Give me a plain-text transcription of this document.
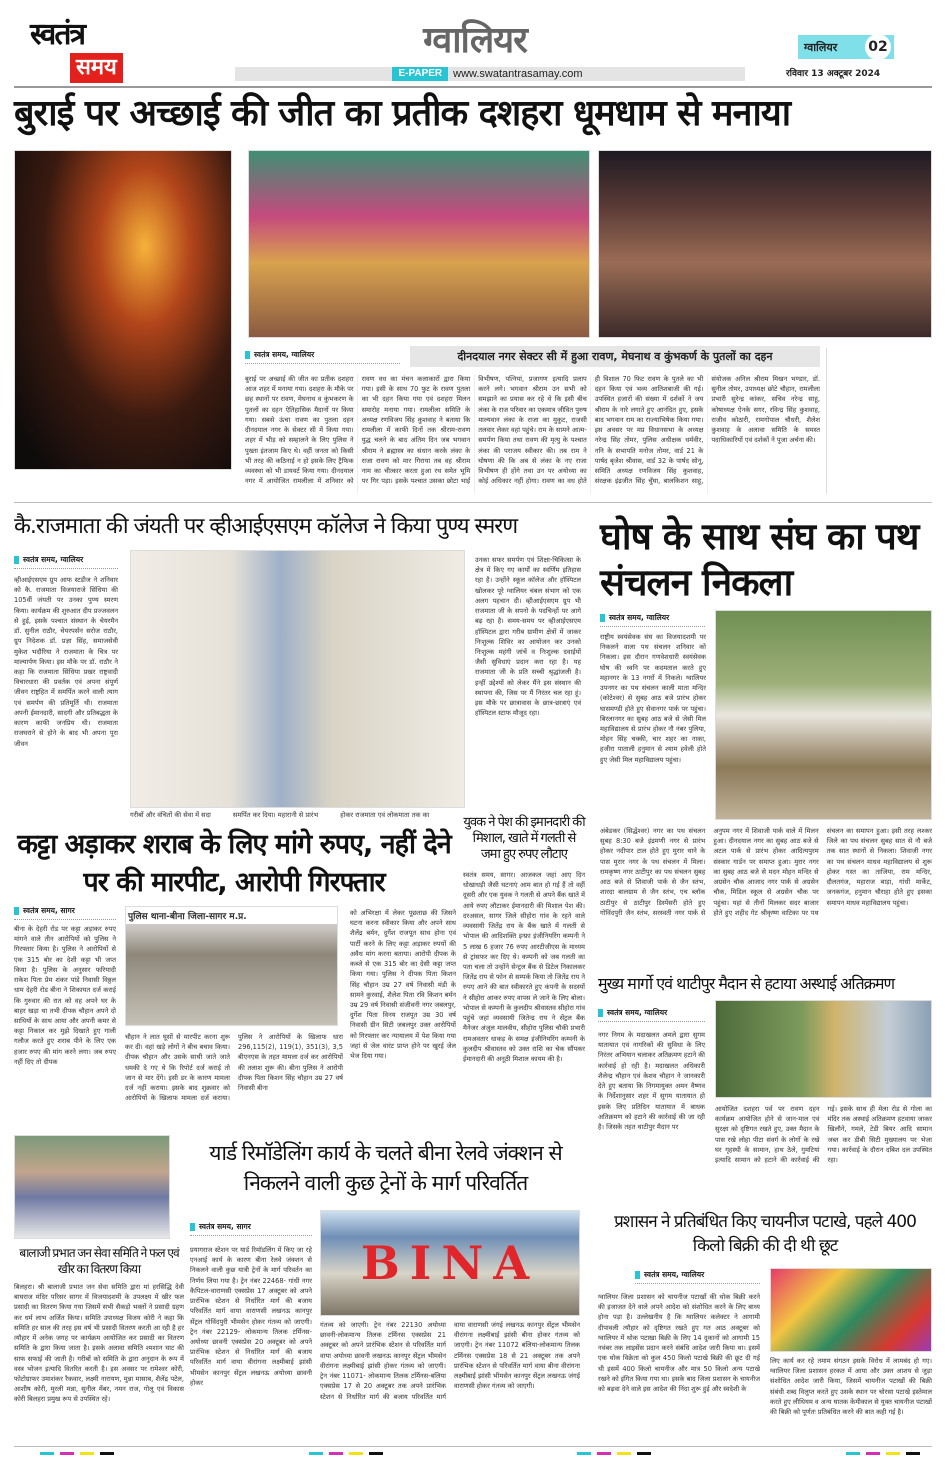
स्वतंत्र
समय
ग्वालियर
E-PAPER	www.swatantrasamay.com
ग्वालियर 02
रविवार 13 अक्टूबर 2024
बुराई पर अच्छाई की जीत का प्रतीक दशहरा धूमधाम से मनाया
स्वतंत्र समय, ग्वालियर	दीनदयाल नगर सेक्टर सी में हुआ रावण, मेघनाथ व कुंभकर्ण के पुतलों का दहन

बुराई पर अच्छाई की जीत का प्रतीक दशहरा आज शहर में मनाया गया। दशहरा के मौके पर छह स्थानों पर रावण, मेघनाथ व कुंभकरण के पुतलों का दहन ऐतिहासिक मैदानों पर किया गया। सबसे ऊंचा रावण का पुतला दहन दीनदयाल नगर के सेक्टर सी में किया गया। शहर में भीड़ को सम्हालने के लिए पुलिस ने पुख्ता इंतजाम किए थे। वहीं जनता को किसी भी तरह की कठिनाई न हो इसके लिए ट्रैफिक व्यवस्था को भी डायवर्ट किया गया। दीनदयाल नगर में आयोजित रामलीला में शनिवार को रावण वध का मंचन कलाकारों द्वारा किया गया। इसी के साथ 70 फुट के रावण पुतला का भी दहन किया गया एवं दशहरा मिलन समारोह मनाया गया। रामलीला समिति के अध्यक्ष रणविजय सिंह कुशवाह ने बताया कि रामलीला में काफी दिनों तक श्रीराम-रावण युद्ध चलने के बाद अंतिम दिन जब भगवान श्रीराम ने ब्रह्मास्त्र का संधान करके लंका के राजा रावण को मार गिराया तब वह श्रीराम नाम का चीत्कार करता हुआ रथ समेत भूमि पर गिर पड़ा। इसके पश्चात उसका छोटा भाई विभीषण, पत्नियां, प्रजागण इत्यादि प्रलाप करने लगे। भगवान श्रीराम उन सभी को समझाने का प्रयास कर रहे थे कि इसी बीच लंका के राज परिवार का एकमात्र जीवित पुरुष माल्यवान लंका के राजा का मुकुट, राजसी तलवार लेकर वहां पहुंचे। राम के सामने आत्म-समर्पण किया तथा रावण की मृत्यु के पश्चात लंका की पराजय स्वीकार की। तब राम ने घोषणा की कि अब से लंका के नए राजा विभीषण ही होंगे तथा उन पर अयोध्या का कोई अधिकार नहीं होगा। रावण का वध होते ही विशाल 70 फिट रावण के पुतले का भी दहन किया एवं भव्य आतिशबाजी की गई। उपस्थित हजारों की संख्या में दर्शकों ने जय श्रीराम के नारे लगाते हुए आनंदित हुए, इसके बाद भगवान राम का राज्याभिषेक किया गया। इस अवसर पर मप्र विधानसभा के अध्यक्ष नरेन्द्र सिंह तोमर, पुलिस अधीक्षक धर्मवीर, ननि के सभापति मनोज तोमर, वार्ड 21 के पार्षद बृजेश श्रीवास, वार्ड 32 के पार्षद सोनू, समिति अध्यक्ष रणविजय सिंह कुशवाह, संरक्षक इंद्रजीत सिंह चुँघा, बालकिशन साहू, संयोजक अनिल श्रीराम मिखन भण्डार, डॉ. सुनील तोमर, उपाध्यक्ष छोटे चौहान, रामलीला प्रभारी सुरेन्द्र कांकर, सचिव नरेन्द्र साहू, कोषाध्यक्ष ऐनके सगर, रविन्द्र सिंह कुशवाह, राजीव कोठारी, रामगोपाल चौधरी, शैलेश कुशवाह के अलावा समिति के समस्त पदाधिकारियों एवं दर्शकों ने पूजा अर्चना की।

कै.राजमाता की जंयती पर व्हीआईएसएम कॉलेज ने किया पुण्य स्मरण
स्वतंत्र समय, ग्वालियर

व्हीआईएसएम ग्रुप आफ स्टडीज ने शनिवार को कै. राजमाता विजयाराजे सिंधिया की 105वीं जंयती पर उनका पुण्य स्मरण किया। कार्यक्रम की शुरुआत दीप प्रज्जवलन से हुई, इसके पश्चात संस्थान के चेयरमैन डॉ. सुनील राठौर, चेयरपर्सन सरोज राठौर, ग्रुप निदेशक डॉ. प्रज्ञा सिंह, समाजसेवी मुकेश भदौरिया ने राजमाता के चित्र पर माल्यार्पण किया। इस मौके पर डॉ. राठौर ने कहा कि राजमाता सिंधिया प्रखर राष्ट्रवादी विचारधारा की प्रवर्तक एवं अपना संपूर्ण जीवन राष्ट्रहित में समर्पित करने वाली त्याग एवं समर्पण की प्रतिमूर्ति थी। राजमाता अपनी ईमानदारी, सादगी और प्रतिबद्धता के कारण काफी जनप्रिय थी। राजमाता राजघराने से होने के बाद भी अपना पूरा जीवन

गरीबों और वंचितों की सेवा में सदा	समर्पित कर दिया। महारानी से प्रारंभ	होकर राजमाता एवं लोकमाता तक का

उनका सफर समर्पण एवं शिक्षा-चिकित्सा के क्षेत्र में किए गए कार्यों का स्वर्णिम इतिहास रहा है। उन्होंने स्कूल कॉलेज और हॉस्पिटल खोलकर पूरे ग्वालियर चंबल संभाग को एक अलग पहचान दी। व्हीआईएसएम ग्रुप भी राजमाता जी के सपनो के पदचिन्हों पर आगे बढ़ रहा है। समय-समय पर व्हीआईएसएम हॉस्पिटल द्वारा गरीब ग्रामीण क्षेत्रों में जाकर निःशुल्क शिविर का आयोजन कर उनको निःशुल्क महंगी जांचें व निःशुल्क दवाईयों जैसी सुविधाएं प्रदान करा रहा है। यह राजमाता जी के प्रति सच्ची श्रृद्धांजली है। इन्हीं उद्देश्यों को लेकर मैंने इस संस्थान की स्थापना की, जिस पर मैं निरंतर चल रहा हूं। इस मौके पर छात्रावास के छात्र-छात्राएं एवं हॉस्पिटल स्टाफ मौजूद रहा।

घोष के साथ संघ का पथ संचलन निकला
स्वतंत्र समय, ग्वालियर

राष्ट्रीय स्वयंसेवक संघ का विजयादशमी पर निकलने वाला पथ संचलन शनिवार को निकला। इस दौरान गणवेशधारी स्वयंसेवक घोष की ध्वनि पर कदमताल करते हुए महानगर के 13 नगरों में निकले। ग्वालियर उपनगर का पथ संचलन काली माता मन्दिर (कोटेश्वर) से सुबह आठ बजे प्रारंभ होकर घासमण्डी होते हुए सेवानगर पार्क पर पहुंचा। बिरलानगर का सुबह आठ बजे से जेसी मिल महाविद्यालय से प्रारंभ होकर नौ नंबर पुलिया, मोहन सिंह चक्की, चार शहर का नाका, हजीरा पाताली हनुमान से श्याम हवेली होते हुए जेसी मिल महाविद्यालय पहुंचा।

अंबेडकर (सिद्धेश्वर) नगर का पथ संचलन सुबह 8:30 बजे इंद्रमणी नगर से प्रारंभ होकर नदीपार टाल होते हुए मुरार थाने के पास मुरार नगर के पथ संचलन में मिला। रामकृष्ण नगर ठाटीपुर का पथ संचलन सुबह आठ बजे से शिवाजी पार्क से जैन स्तंभ, शारदा बालग्राम से जैन स्तंभ, एच ब्लॉक ठाटीपुर से ठाटीपुर डिस्पेंसरी होते हुए गोविंदपुरी जैन स्तंभ, सरस्वती नगर पार्क से अनुपम नगर में शिवाजी पार्क वाले में मिलन हुआ। दीनदयाल नगर का सुबह आठ बजे से अटल पार्क से प्रारंभ होकर आदित्यपुरम संस्कार गार्डन पर समाप्त हुआ। मुरार नगर का सुबह आठ बजे से मदन मोहन मन्दिर से अग्रसेन चौक आजाद नगर पार्क से अग्रसेन चौक, मिडिल स्कूल से अग्रसेन चौक पर पहुंचा। यहां से तीनों मिलकर सदर बाजार होते हुए शहीद गेट श्रीकृष्ण वाटिका पर पथ संचलन का समापन हुआ। इसी तरह लश्कर जिले का पथ संचलन सुबह सात से नौ बजे तक सात स्थानों से निकला। शिवाजी नगर का पथ संचलन माधव महाविद्यालय से शुरू होकर गस्त का ताजिया, राम मन्दिर, दौलतगंज, महाराज बाड़ा, गांधी मार्केट, जनकगंज, हनुमान चौराहा होते हुए इसका समापन माधव महाविद्यालय पहुंचा।

कट्टा अड़ाकर शराब के लिए मांगे रुपए, नहीं देने पर की मारपीट, आरोपी गिरफ्तार
स्वतंत्र समय, सागर

बीना के देहरी रोड पर कट्टा अड़ाकर रुपए मांगने वाले तीन आरोपियों को पुलिस ने गिरफ्तार किया है। पुलिस ने आरोपियों से एक 315 बोर का देशी कट्टा भी जप्त किया है। पुलिस के अनुसार फरियादी राकेश पिता प्रेम शंकर पांडे निवासी विठ्ठल धाम देहरी रोड बीना ने शिकायत दर्ज कराई कि गुरुवार की रात को वह अपने घर के बाहर खड़ा था तभी दीपक चौहान अपने दो साथियों के साथ आया और अपनी कमर से कट्टा निकाल कर मुझे दिखाते हुए गाली गलौज करते हुए शराब पीने के लिए एक हजार रुपए की मांग करने लगा। जब रुपए नहीं दिए तो दीपक

पुलिस थाना-बीना जिला-सागर म.प्र.

चौहान ने लात घूसों से मारपीट करना शुरू कर दी। वहां खड़े लोगों ने बीच बचाव किया। दीपक चौहान और उसके साथी जाते जाते धमकी दे गए थे कि रिपोर्ट दर्ज कराई तो जान से मार देंगे। इसी डर के कारण मामला दर्ज नहीं कराया। इसके बाद शुक्रवार को आरोपियों के खिलाफ मामला दर्ज कराया। पुलिस ने आरोपियों के खिलाफ धारा 296,115(2), 119(1), 351(3), 3,5 बीएनएस के तहत मामला दर्ज कर आरोपियों की तलाश शुरू की। बीना पुलिस ने आरोपी दीपक पिता किशन सिंह चौहान उम्र 27 वर्ष निवासी बीना

को अभिरक्षा में लेकर पूछताछ की जिसने घटना करना स्वीकार किया और अपने साथ शैलेंद्र बर्मन, दुर्गेश राजपूत साथ होना एवं पार्टी करने के लिए कट्टा अड़ाकर रुपयों की अवैध मांग करना बताया। आरोपी दीपक के कब्जे से एक 315 बोर का देसी कट्टा जप्त किया गया। पुलिस ने दीपक पिता किशन सिंह चौहान उम्र 27 वर्ष निवासी मंडी के सामने कुरवाई, शैलेश पिता रवि किशन बर्मन उम्र 29 वर्ष निवासी संजीवनी नगर जबलपुर, दुर्गेश पिता विनय राजपूत उम्र 30 वर्ष निवासी ग्रीन सिटी जबलपुर उक्त आरोपियों को गिरफ्तार कर न्यायालय में पेश किया गया जहां से जेल वारंट प्राप्त होने पर खुरई जेल भेज दिया गया।

युवक ने पेश की इमानदारी की मिशाल, खाते में गलती से जमा हुए रुपए लौटाए

स्वतंत्र समय, सागर। आजकल जहां आए दिन धोखाधड़ी जैसी घटनाएं आम बात हो गई हैं तो वहीं दूसरी और एक युवक ने गलती से अपने बैंक खाते में आये रुपए लौटाकर ईमानदारी की मिशाल पेश की। दरअसल, सागर जिले सीहोरा गांव के रहने वाले व्यवसायी जितेंद्र राय के बैंक खाते में गलती से भोपाल की आदिशक्ति इन्फ्रा इंजीनियरिंग कम्पनी ने 5 लाख 6 हजार 76 रुपए आरटीजीएस के माध्यम से ट्रांसफर कर दिए थे। कम्पनी को जब गलती का पता चला तो उन्होंने सेन्ट्रल बैंक से डिटेल निकालकर जितेंद्र राय से फोन से सम्पर्क किया तो जितेंद्र राय ने रुपए आने की बात स्वीकारते हुए कंपनी के सदस्यों ने सीहोरा आकर रुपए वापस ले जाने के लिए बोला। भोपाल से कम्पनी के कुलदीप श्रीवास्तव सीहोरा गांव पहुंचे जहां व्यवसायी जितेन्द्र राय ने सेंट्रल बैंक मैनेजर अंजुल मालवीय, सीहोरा पुलिस चौकी प्रभारी रामअवतार धाकड़ के समक्ष इंजीनियरिंग कम्पनी के कुलदीप श्रीवास्तव को उक्त राशि का चेक सौंपकर ईमानदारी की अनूठी मिशाल कायम की है।

मुख्य मार्गो एवं थाटीपुर मैदान से हटाया अस्थाई अतिक्रमण
स्वतंत्र समय, ग्वालियर

नगर निगम के मदाखलत अमले द्वारा सुगम यातायात एवं नागरिकों की सुविधा के लिए निरंतर अभियान चलाकर अतिक्रमण हटाने की कार्रवाई हो रही है। मदाखलत अधिकारी शैलेन्द्र चौहान एवं केशव चौहान ने जानकारी देते हुए बताया कि निगमायुक्त अमन वैष्णव के निर्देशानुसार शहर में सुगम यातायात हो इसके लिए प्रतिदिन यातायात में बाधक अतिक्रमण को हटाने की कार्रवाई की जा रही है। जिसके तहत थाटीपुर मैदान पर

आयोजित दशहरा पर्व पर रावण दहन कार्यक्रम आयोजित होने से जान-माल एवं सुरक्षा को दृष्टिगत रखते हुए, उक्त मैदान के पास रखे लोहा पीटा संवर्ग के लोगों के रखे घर गृहस्थी के सामान, हाथ ठेले, गुमटियां इत्यादि सामान को हटाने की कार्रवाई की गई। इसके साथ ही मेला रोड से गोला का मंदिर तक अस्थाई अतिक्रमण हटवाया जाकर खिलौने, गमले, टेडी बियर आदि सामान जब्त कर डीबी सिटी मुख्यालय पर भेजा गया। कार्रवाई के दौरान दबिश दल उपस्थित रहा।

बालाजी प्रभात जन सेवा समिति ने फल एवं खीर का वितरण किया

बिलहरा। श्री बालाजी प्रभात जन सेवा समिति द्वारा मां हरसिद्धि देवी बाघराज मंदिर परिसर सागर में विजयादशमी के उपलक्ष्य में खीर फल प्रसादी का वितरण किया गया जिसमें सभी सैकड़ो भक्तों ने प्रसादी ग्रहण कर धर्म लाभ अर्जित किया। समिति उपाध्यक्ष विजय कोरी ने कहा कि समिति हर साल की तरह इस वर्ष भी प्रसादी वितरण करती आ रही है हर त्यौहार में अनेक जगह पर कार्यक्रम आयोजित कर प्रसादी का वितरण समिति के द्वारा किया जाता है। इसके अलावा समिति श्मशान घाट की साफ सफाई की जाती है। गरीबों को समिति के द्वारा अनुदान के रूप में वस्त्र भोजन इत्यादि वितरित करती है। इस अवसर पर रामेश्वर कोरी, फोटोग्राफर उमाशंकर रैकवार, लक्ष्मी नारायण, मुन्ना मासाब, शैलेंद्र पटेल, आशीष कोरी, मुरली मन्ना, सुनील मेंबर, नमन राज, गोलू एवं विकास कोरी बिलहरा प्रमुख रूप से उपस्थित रहे।

यार्ड रिमॉडेलिंग कार्य के चलते बीना रेलवे जंक्शन से निकलने वाली कुछ ट्रेनों के मार्ग परिवर्तित
स्वतंत्र समय, सागर

प्रयागराज स्टेशन पर यार्ड रिमॉडलिंग में किए जा रहे एनआई कार्य के कारण बीना रेलवे जंक्शन से निकलने वाली कुछ यात्री ट्रेनों के मार्ग परिवर्तन का निर्णय लिया गया है। ट्रेन नंबर 22468- गांधी नगर कैपिटल-वाराणसी एक्सप्रेस 17 अक्टूबर को अपने प्रारंभिक स्टेशन से निर्धारित मार्ग की बजाय परिवर्तित मार्ग वाया वाराणसी लखनऊ कानपुर सेंट्रल गोविंदपुरी भीमसेन होकर गंतव्य को जाएगी। ट्रेन नंबर 22129- लोकमान्य तिलक टर्मिनस-अयोध्या छावनी एक्सप्रेस 20 अक्टूबर को अपने प्रारंभिक स्टेशन से निर्धारित मार्ग की बजाय परिवर्तित मार्ग वाया वीरांगना लक्ष्मीबाई झांसी भीमसेन कानपुर सेंट्रल लखनऊ अयोध्या छावनी होकर

BINA

गंतव्य को जाएगी। ट्रेन नंबर 22130 अयोध्या छावनी-लोकमान्य तिलक टर्मिनस एक्सप्रेस 21 अक्टूबर को अपने प्रारंभिक स्टेशन से परिवर्तित मार्ग वाया अयोध्या छावनी लखनऊ कानपुर सेंट्रल भीमसेन वीरांगना लक्ष्मीबाई झांसी होकर गंतव्य को जाएगी। ट्रेन नंबर 11071- लोकमान्य तिलक टर्मिनस-बलिया एक्सप्रेस 17 से 20 अक्टूबर तक अपने प्रारंभिक स्टेशन से निर्धारित मार्ग की बजाय परिवर्तित मार्ग वाया वाराणसी जंगई लखनऊ कानपुर सेंट्रल भीमसेन वीरांगना लक्ष्मीबाई झांसी बीना होकर गंतव्य को जाएगी। ट्रेन नंबर 11072 बलिया-लोकमान्य तिलक टर्मिनस एक्सप्रेस 18 से 21 अक्टूबर तक अपने प्रारंभिक स्टेशन से परिवर्तित मार्ग वाया बीना वीरांगना लक्ष्मीबाई झांसी भीमसेन कानपुर सेंट्रल लखनऊ जंगई वाराणसी होकर गंतव्य को जाएगी।

प्रशासन ने प्रतिबंधित किए चायनीज पटाखे, पहले 400 किलो बिक्री की दी थी छूट
स्वतंत्र समय, ग्वालियर

ग्वालियर जिला प्रशासन को चायनीज पटाखों की थोक बिक्री करने की इजाजत देने वाले अपने आदेश को संशोधित करने के लिए बाध्य होना पड़ा है। उल्लेखनीय है कि ग्वालियर कलेक्टर ने आगामी दीपावली त्यौहार को दृष्टिगत रखते हुए गत आठ अक्टूबर को ग्वालियर में थोक पटाखा बिक्री के लिए 14 दुकानों को आगामी 15 नवंबर तक लाइसेंस प्रदान करने संबंधि आदेश जारी किया था। इसमें एक थोक विक्रेता को कुल 450 किलो पटाखे बिक्री की छूट दी गई थी इसमें 400 किलो चायनीज और मात्र 50 किलो अन्य पटाखे रखने को इंगित किया गया था। इसके बाद जिला प्रशासन के चायनीज को बढ़वा देने वाले इस आदेश की निंदा शुरू हुई और स्वदेशी के

लिए कार्य कर रहे तमाम संगठन इसके विरोध में लामबंद हो गए। ग्वालियर जिला प्रशासन हरकत में आया और उक्त आशय से जुड़ा संशोधित आदेश जारी किया, जिसमें चायनीज पटाखों की बिक्री संबंधी शब्द विलुप्त करते हुए उसके स्थान पर चोरसा पटाखे इस्तेमाल करते हुए लीथियम व अन्य घातक केमीकाल से युक्त चायनीज पटाखों की बिक्री को पूर्णतः प्रतिबंधित करने की बात कही गई है।
